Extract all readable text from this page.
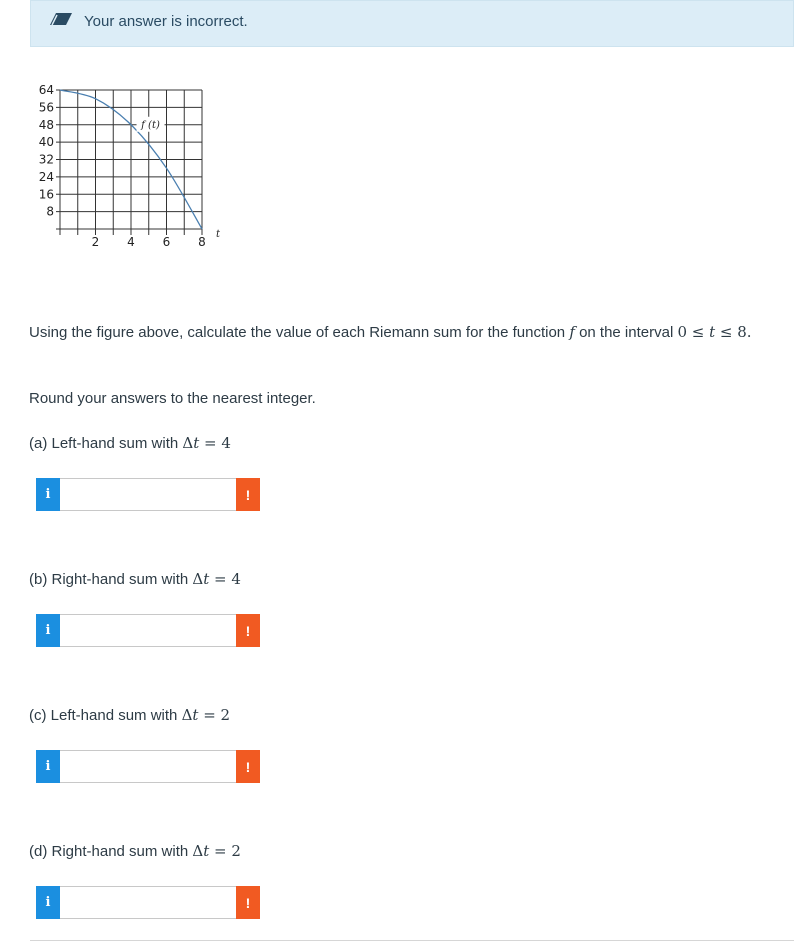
Your answer is incorrect.
64
56
48
40
32
24
16
8
2 4 6 8
t
f (t)
Using the figure above, calculate the value of each Riemann sum for the function f on the interval 0 ≤ t ≤ 8.
Round your answers to the nearest integer.
(a) Left-hand sum with Δt = 4
i	!
(b) Right-hand sum with Δt = 4
i	!
(c) Left-hand sum with Δt = 2
i	!
(d) Right-hand sum with Δt = 2
i	!
